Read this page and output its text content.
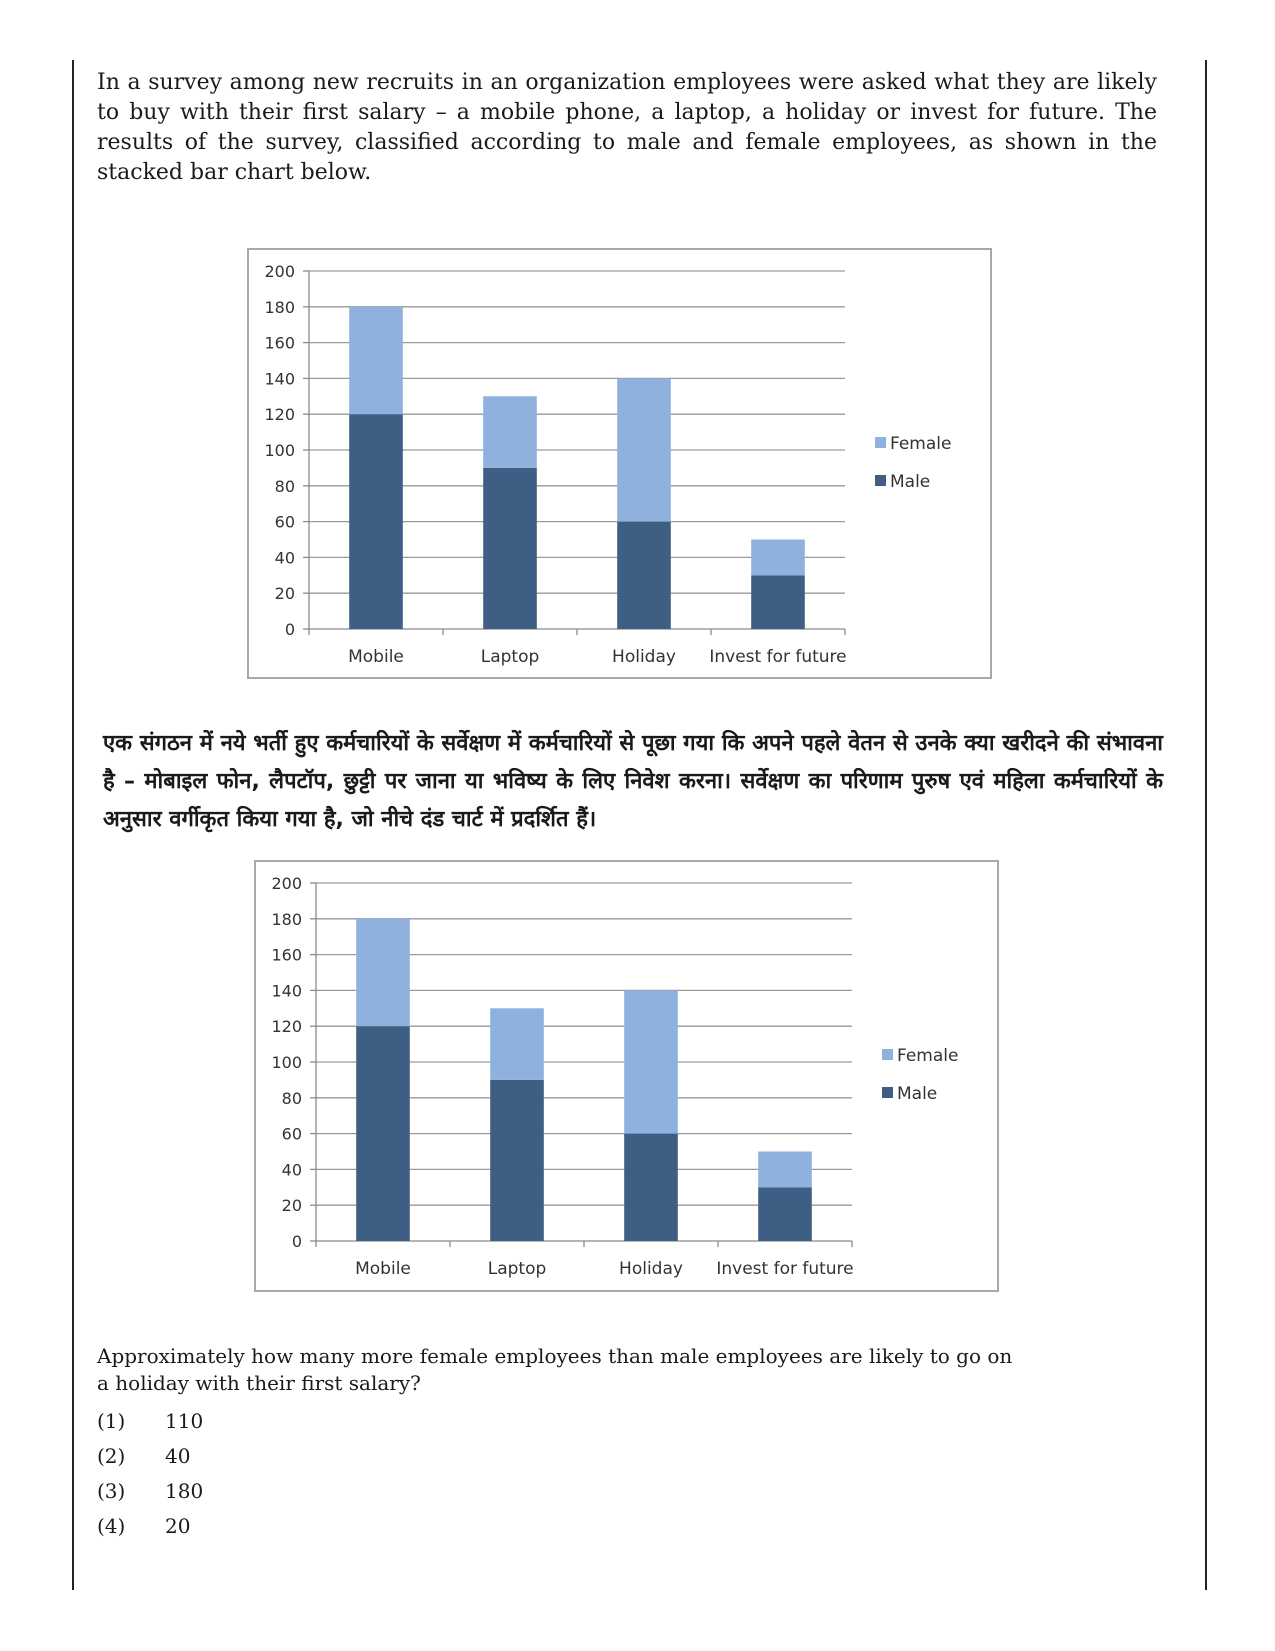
In a survey among new recruits in an organization employees were asked what they are likely to buy with their first salary – a mobile phone, a laptop, a holiday or invest for future. The results of the survey, classified according to male and female employees, as shown in the stacked bar chart below.
0
20
40
60
80
100
120
140
160
180
200
Mobile	Laptop	Holiday Invest for future
Female
Male
एक संगठन में नये भर्ती हुए कर्मचारियों के सर्वेक्षण में कर्मचारियों से पूछा गया कि अपने पहले वेतन से उनके क्या खरीदने की संभावना है – मोबाइल फोन, लैपटॉप, छुट्टी पर जाना या भविष्य के लिए निवेश करना। सर्वेक्षण का परिणाम पुरुष एवं महिला कर्मचारियों के अनुसार वर्गीकृत किया गया है, जो नीचे दंड चार्ट में प्रदर्शित हैं।
0
20
40
60
80
100
120
140
160
180
200
Mobile	Laptop	Holiday Invest for future
Female
Male
Approximately how many more female employees than male employees are likely to go on a holiday with their first salary?
(1)	110
(2)	40
(3)	180
(4)	20
